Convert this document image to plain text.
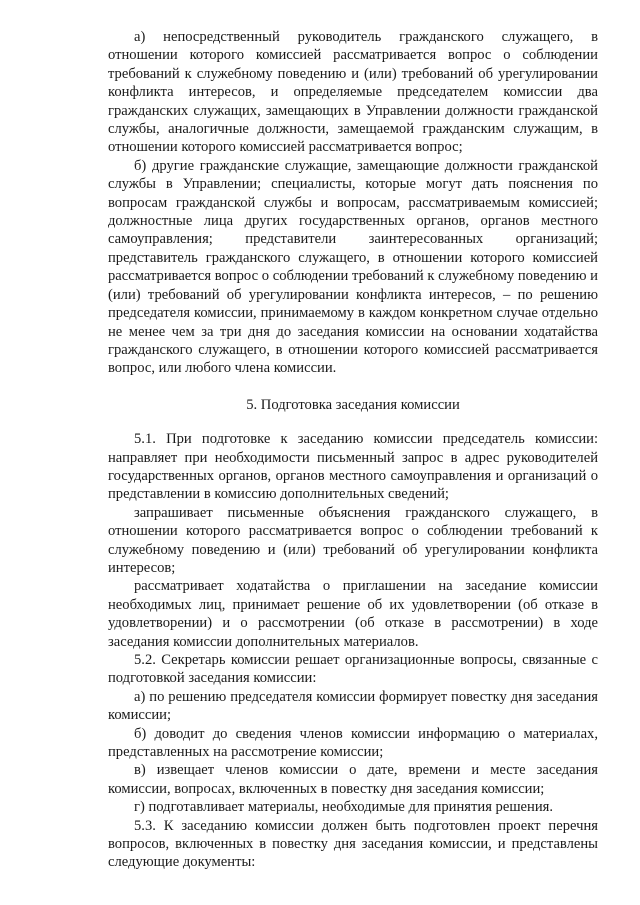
а) непосредственный руководитель гражданского служащего, в отношении которого комиссией рассматривается вопрос о соблюдении требований к служебному поведению и (или) требований об урегулировании конфликта интересов, и определяемые председателем комиссии два гражданских служащих, замещающих в Управлении должности гражданской службы, аналогичные должности, замещаемой гражданским служащим, в отношении которого комиссией рассматривается вопрос;

б) другие гражданские служащие, замещающие должности гражданской службы в Управлении; специалисты, которые могут дать пояснения по вопросам гражданской службы и вопросам, рассматриваемым комиссией; должностные лица других государственных органов, органов местного самоуправления; представители заинтересованных организаций; представитель гражданского служащего, в отношении которого комиссией рассматривается вопрос о соблюдении требований к служебному поведению и (или) требований об урегулировании конфликта интересов, – по решению председателя комиссии, принимаемому в каждом конкретном случае отдельно не менее чем за три дня до заседания комиссии на основании ходатайства гражданского служащего, в отношении которого комиссией рассматривается вопрос, или любого члена комиссии.

5. Подготовка заседания комиссии

5.1. При подготовке к заседанию комиссии председатель комиссии: направляет при необходимости письменный запрос в адрес руководителей государственных органов, органов местного самоуправления и организаций о представлении в комиссию дополнительных сведений;

запрашивает письменные объяснения гражданского служащего, в отношении которого рассматривается вопрос о соблюдении требований к служебному поведению и (или) требований об урегулировании конфликта интересов;

рассматривает ходатайства о приглашении на заседание комиссии необходимых лиц, принимает решение об их удовлетворении (об отказе в удовлетворении) и о рассмотрении (об отказе в рассмотрении) в ходе заседания комиссии дополнительных материалов.

5.2. Секретарь комиссии решает организационные вопросы, связанные с подготовкой заседания комиссии:

а) по решению председателя комиссии формирует повестку дня заседания комиссии;

б) доводит до сведения членов комиссии информацию о материалах, представленных на рассмотрение комиссии;

в) извещает членов комиссии о дате, времени и месте заседания комиссии, вопросах, включенных в повестку дня заседания комиссии;

г) подготавливает материалы, необходимые для принятия решения.

5.3. К заседанию комиссии должен быть подготовлен проект перечня вопросов, включенных в повестку дня заседания комиссии, и представлены следующие документы:
